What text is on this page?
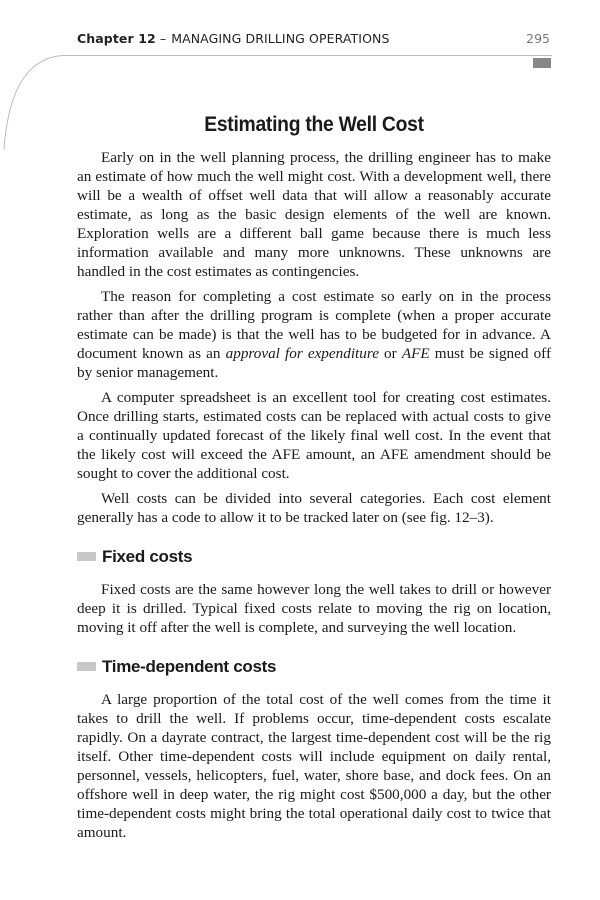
Chapter 12 – MANAGING DRILLING OPERATIONS	295
Estimating the Well Cost

Early on in the well planning process, the drilling engineer has to make an estimate of how much the well might cost. With a development well, there will be a wealth of offset well data that will allow a reasonably accurate estimate, as long as the basic design elements of the well are known. Exploration wells are a different ball game because there is much less information available and many more unknowns. These unknowns are handled in the cost estimates as contingencies.

The reason for completing a cost estimate so early on in the process rather than after the drilling program is complete (when a proper accurate estimate can be made) is that the well has to be budgeted for in advance. A document known as an approval for expenditure or AFE must be signed off by senior management.

A computer spreadsheet is an excellent tool for creating cost estimates. Once drilling starts, estimated costs can be replaced with actual costs to give a continually updated forecast of the likely final well cost. In the event that the likely cost will exceed the AFE amount, an AFE amendment should be sought to cover the additional cost.

Well costs can be divided into several categories. Each cost element generally has a code to allow it to be tracked later on (see fig. 12–3).

Fixed costs

Fixed costs are the same however long the well takes to drill or however deep it is drilled. Typical fixed costs relate to moving the rig on location, moving it off after the well is complete, and surveying the well location.

Time-dependent costs

A large proportion of the total cost of the well comes from the time it takes to drill the well. If problems occur, time-dependent costs escalate rapidly. On a dayrate contract, the largest time-dependent cost will be the rig itself. Other time-dependent costs will include equipment on daily rental, personnel, vessels, helicopters, fuel, water, shore base, and dock fees. On an offshore well in deep water, the rig might cost $500,000 a day, but the other time-dependent costs might bring the total operational daily cost to twice that amount.
